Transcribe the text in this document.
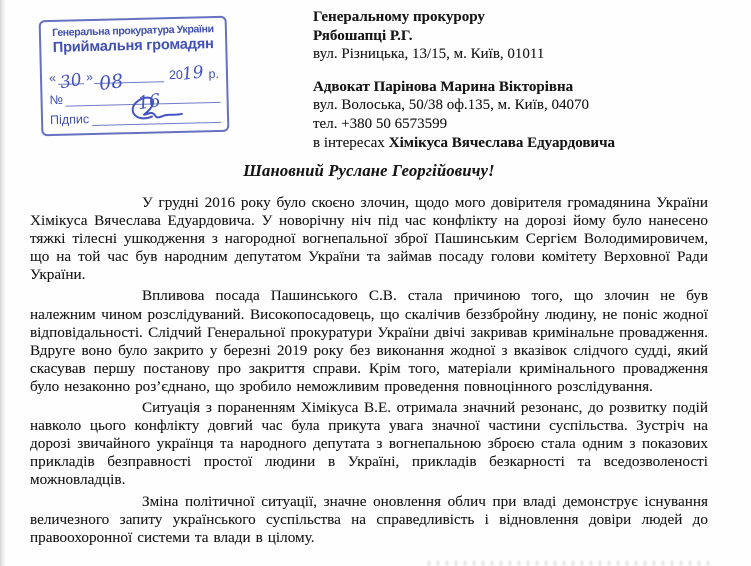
Генеральна прокуратура України
Приймальня громадян
« 30 » 08	20
19 р.
№	16
Підпис
Генеральному прокурору
Рябошапці Р.Г.
вул. Різницька, 13/15, м. Київ, 01011
Адвокат Парінова Марина Вікторівна
вул. Волоська, 50/38 оф.135, м. Київ, 04070
тел. +380 50 6573599
в інтересах Хімікуса Вячеслава Едуардовича
Шановний Руслане Георгійовичу!

У грудні 2016 року було скоєно злочин, щодо мого довірителя громадянина України Хімікуса Вячеслава Едуардовича. У новорічну ніч під час конфлікту на дорозі йому було нанесено тяжкі тілесні ушкодження з нагородної вогнепальної зброї Пашинським Сергієм Володимировичем, що на той час був народним депутатом України та займав посаду голови комітету Верховної Ради України.

Впливова посада Пашинського С.В. стала причиною того, що злочин не був належним чином розслідуваний. Високопосадовець, що скалічив беззбройну людину, не поніс жодної відповідальності. Слідчий Генеральної прокуратури України двічі закривав кримінальне провадження. Вдруге воно було закрито у березні 2019 року без виконання жодної з вказівок слідчого судді, який скасував першу постанову про закриття справи. Крім того, матеріали кримінального провадження було незаконно роз’єднано, що зробило неможливим проведення повноцінного розслідування.

Ситуація з пораненням Хімікуса В.Е. отримала значний резонанс, до розвитку подій навколо цього конфлікту довгий час була прикута увага значної частини суспільства. Зустріч на дорозі звичайного українця та народного депутата з вогнепальною зброєю стала одним з показових прикладів безправності простої людини в Україні, прикладів безкарності та вседозволеності можновладців.

Зміна політичної ситуації, значне оновлення облич при владі демонструє існування величезного запиту українського суспільства на справедливість і відновлення довіри людей до правоохоронної системи та влади в цілому.
